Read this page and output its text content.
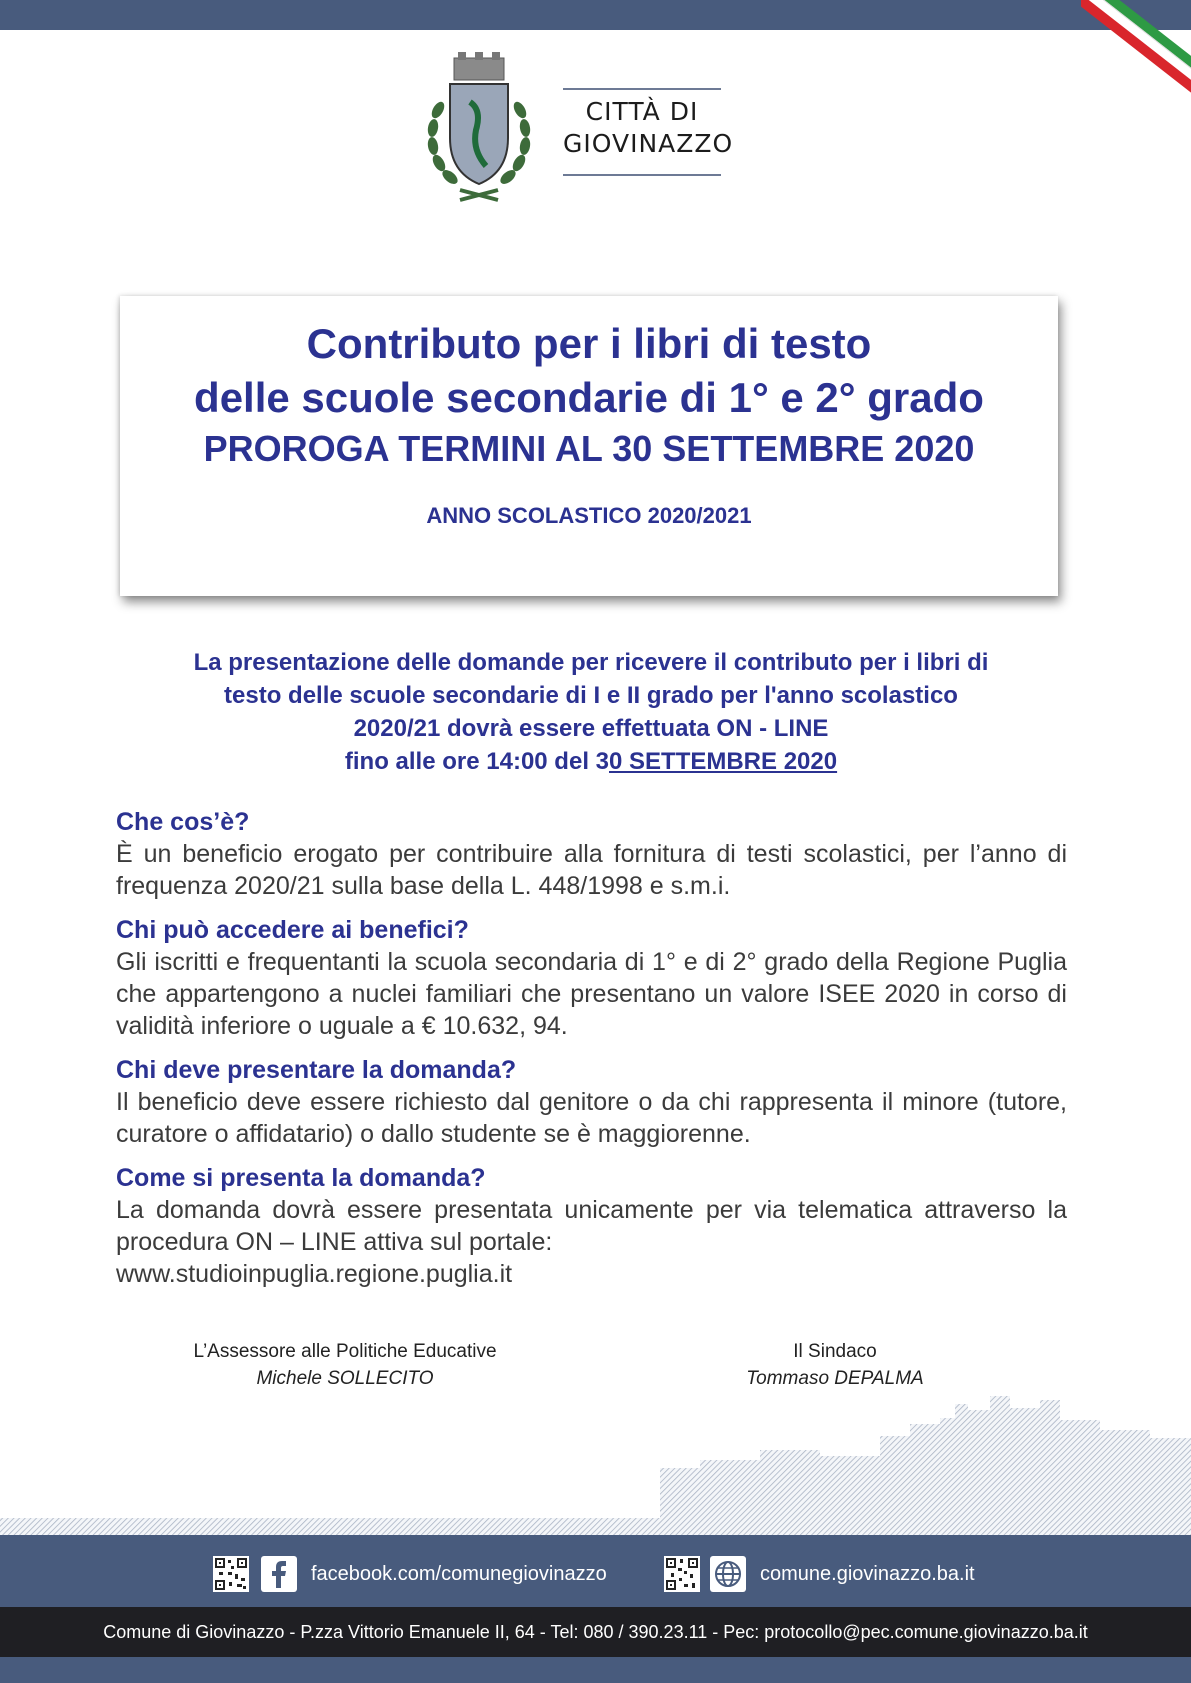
CITTÀ DI
GIOVINAZZO
Contributo per i libri di testo
delle scuole secondarie di 1° e 2° grado
PROROGA TERMINI AL 30 SETTEMBRE 2020
ANNO SCOLASTICO 2020/2021
La presentazione delle domande per ricevere il contributo per i libri di
testo delle scuole secondarie di I e II grado per l'anno scolastico
2020/21 dovrà essere effettuata ON - LINE
fino alle ore 14:00 del 30 SETTEMBRE 2020
Che cos’è?
È un beneficio erogato per contribuire alla fornitura di testi scolastici, per l’anno di frequenza 2020/21 sulla base della L. 448/1998 e s.m.i.
Chi può accedere ai benefici?
Gli iscritti e frequentanti la scuola secondaria di 1° e di 2° grado della Regione Puglia che appartengono a nuclei familiari che presentano un valore ISEE 2020 in corso di validità inferiore o uguale a € 10.632, 94.
Chi deve presentare la domanda?
Il beneficio deve essere richiesto dal genitore o da chi rappresenta il minore (tutore, curatore o affidatario) o dallo studente se è maggiorenne.
Come si presenta la domanda?
La domanda dovrà essere presentata unicamente per via telematica attraverso la procedura ON – LINE attiva sul portale:
www.studioinpuglia.regione.puglia.it
L’Assessore alle Politiche Educative
Michele SOLLECITO
Il Sindaco
Tommaso DEPALMA
facebook.com/comunegiovinazzo	comune.giovinazzo.ba.it
Comune di Giovinazzo - P.zza Vittorio Emanuele II, 64 - Tel: 080 / 390.23.11 - Pec: protocollo@pec.comune.giovinazzo.ba.it
